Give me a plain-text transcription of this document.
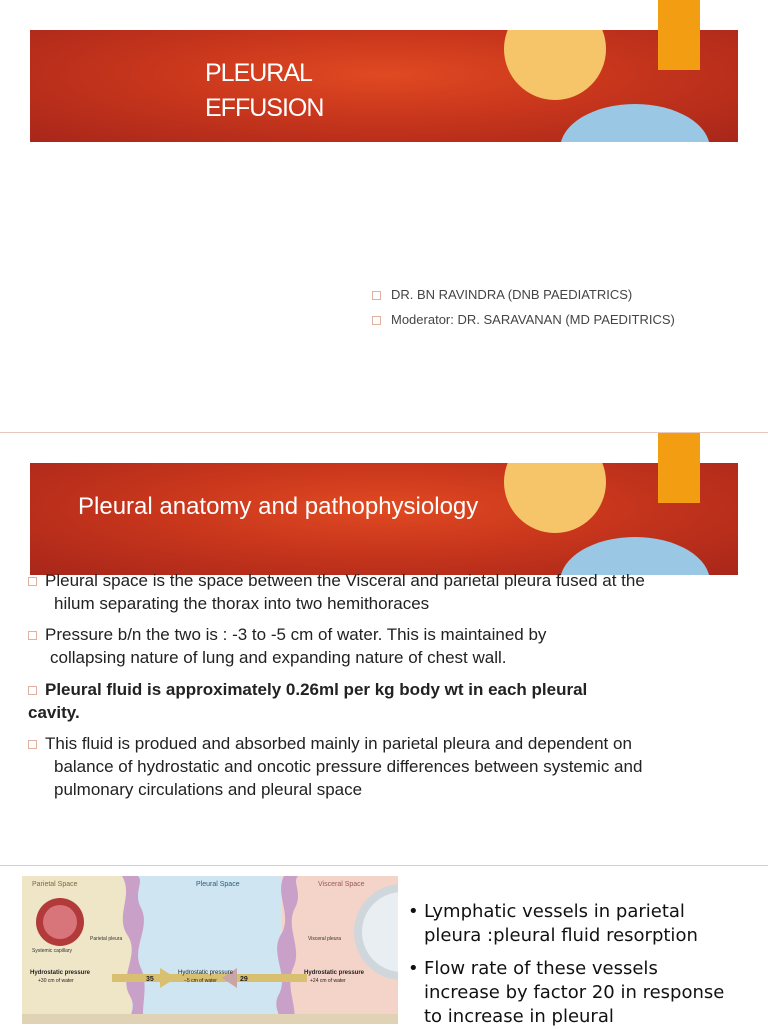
PLEURAL
EFFUSION
DR. BN RAVINDRA (DNB PAEDIATRICS)
Moderator: DR. SARAVANAN (MD PAEDITRICS)
Pleural anatomy and pathophysiology
Pleural space is the space between the Visceral and parietal pleura fused at the
hilum separating the thorax into two hemithoraces
Pressure b/n the two is : -3 to -5 cm of water. This is maintained by
collapsing nature of lung and expanding nature of chest wall.
Pleural fluid is approximately 0.26ml per kg body wt in each pleural
cavity.
This fluid is produed and absorbed mainly in parietal pleura and dependent on
balance of hydrostatic and oncotic pressure differences between systemic and
pulmonary circulations and pleural space
Parietal Space	Pleural Space	Visceral Space
Systemic capillary
Parietal pleura	Visceral pleura
Hydrostatic pressure
+30 cm of water
Hydrostatic pressure
−5 cm of water
Hydrostatic pressure
+24 cm of water
35	29
• Lymphatic vessels in parietal pleura :pleural fluid resorption
• Flow rate of these vessels increase by factor 20 in response to increase in pleural
